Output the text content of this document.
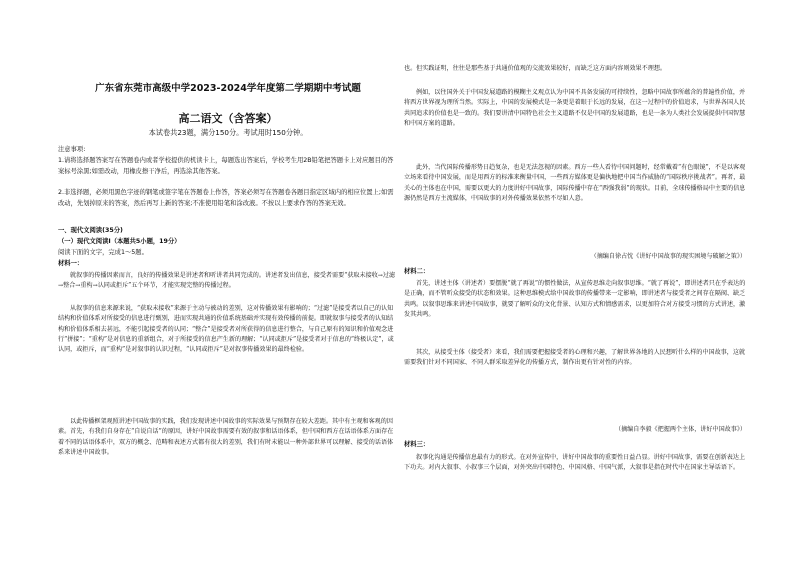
广东省东莞市高级中学2023-2024学年度第二学期期中考试题
高二语文（含答案）
本试卷共23题，满分150分。考试用时150分钟。
注意事项:

1.请将选择题答案写在答题卷内或者学校提供的机读卡上，每题选出答案后，学校考生用2B铅笔把答题卡上对应题目的答案标号涂黑;如需改动，用橡皮擦干净后，再选涂其他答案。

2.非选择题，必须用黑色字迹的钢笔或签字笔在答题卷上作答，答案必须写在答题卷各题目指定区域内的相应位置上;如需改动，先划掉原来的答案，然后再写上新的答案;不准使用铅笔和涂改液。不按以上要求作答的答案无效。

一、现代文阅读(35分)
（一）现代文阅读Ⅰ（本题共5小题，19分）
阅读下面的文字，完成1～5题。
材料一：

就叙事的传播因素而言，良好的传播效果是讲述者和听讲者共同完成的。讲述者发出信息，接受者需要“获取未接收→过滤→整合→重构→认同或拒斥”五个环节，才能实现完整的传播过程。

从叙事的信息来源来说，“获取未接收”来源于主动与被动的差别，这对传播效果有影响的；“过滤”是接受者以自己的认知结构和价值体系对所接受的信息进行甄别，进而实现共通的价值系统基础并实现有效传播的前提。即就叙事与接受者的认知结构和价值体系相去甚远，不能引起接受者的认同；“整合”是接受者对所获得的信息进行整合，与自己原有的知识和价值观念进行“拼接”；“重构”是对信息的重新组合，对于所接受的信息产生新的理解；“认同或拒斥”是接受者对于信息的“终极认定”，或认同，或拒斥，而“重构”是对叙事的认识过程，“认同或拒斥”是对叙事传播效果的最终检验。

以此传播框架观照讲述中国故事的实践，我们发现讲述中国故事的实际效果与预期存在较大差距。其中有主观和客观的因素。首先，有我们自身存在“自说自话”的原因，讲好中国故事需要有效的叙事和话语体系，但中国和西方在话语体系方面存在着不同的话语体系中，双方的概念、范畴和表述方式都有很大的差别，我们有时未能以一种外部世界可以理解、接受的话语体系来讲述中国故事。

也。但实践证明，往往是那些基于共通价值观的交流效果较好，而缺乏这方面内容则效果不理想。

例如，以往国外关于中国发展道路的模糊主义观点认为中国不具备发展的可持续性，忽略中国故事所蕴含的普遍性价值，并将西方世界视为理所当然。实际上，中国的发展模式是一条更是着眼于长远的发展，在这一过程中的价值追求，与世界各国人民共同追求的价值也是一致的。我们要讲清中国特色社会主义道路不仅是中国的发展道路，也是一条为人类社会发展提供中国智慧和中国方案的道路。

此外，当代国际传播形势日趋复杂，也是无法忽视的因素。西方一些人看待中国问题时，经常戴着“有色眼镜”，不是以客观立场来看待中国发展，而是用西方的标准来衡量中国，一些西方媒体更是偏执地把中国当作威胁的“国际秩序挑战者”。再者，最关心的主体也在中国，需要以更大的力度讲好中国故事，国际传播中存在“西强我弱”的现状。目前，全球传播格局中主要的信息源仍然是西方主流媒体，中国故事的对外传播效果依然不尽如人意。

（摘编自徐占忱《讲好中国故事的现实困境与破解之策》）
材料二：

首先，讲述主体（讲述者）要摆脱“就了再说”的惯性做法，从宣传思维走向叙事思维。“就了再说”，即讲述者只在乎表达的是正确，而不管听众接受的状态和效果。这种思维模式给中国故事的传播带来一定影响，即讲述者与接受者之间存在隔阂、缺乏共鸣。以叙事思维来讲述中国故事，就要了解听众的文化背景、认知方式和情感需求，以更加符合对方接受习惯的方式讲述，激发其共鸣。

其次，从接受主体（接受者）来看，我们需要把握接受者的心理和兴趣，了解世界各地的人民想听什么样的中国故事，这就需要我们针对不同国家、不同人群采取差异化的传播方式，制作出更有针对性的内容。

（摘编自李毅《把握两个主体，讲好中国故事》）
材料三：

叙事化沟通是传播信息最有力的形式。在对外宣传中，讲好中国故事的重要性日益凸显。讲好中国故事，需要在创新表达上下功夫。对内大叙事、小叙事三个层面，对外突出中国特色、中国风格、中国气派，大叙事是指在时代中在国家主导话语下。
